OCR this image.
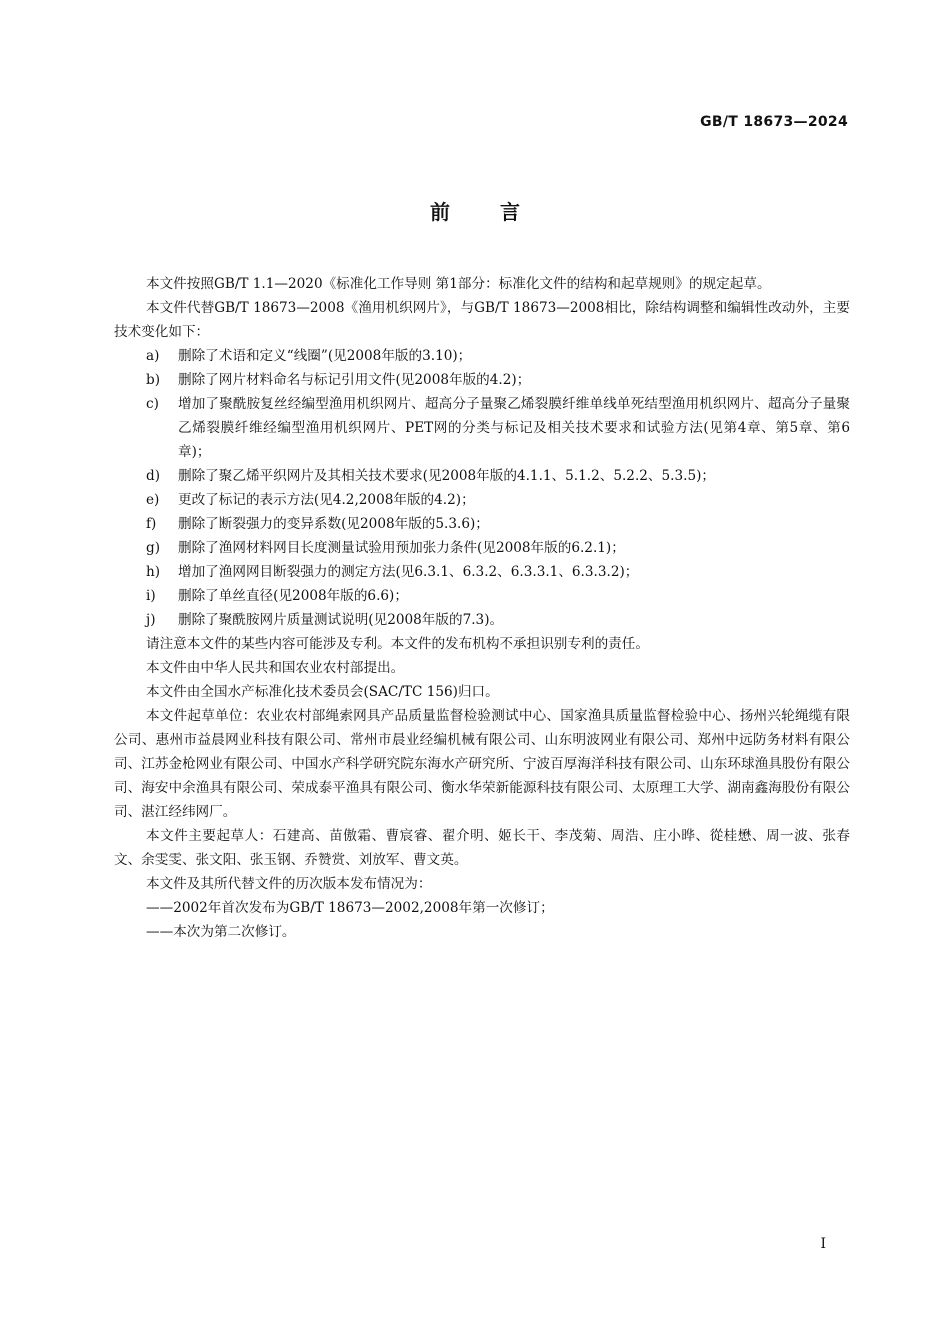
GB/T 18673—2024
前言

本文件按照GB/T 1.1—2020《标准化工作导则 第1部分：标准化文件的结构和起草规则》的规定起草。

本文件代替GB/T 18673—2008《渔用机织网片》，与GB/T 18673—2008相比，除结构调整和编辑性改动外，主要技术变化如下：

a) 删除了术语和定义“线圈”(见2008年版的3.10)；

b) 删除了网片材料命名与标记引用文件(见2008年版的4.2)；

c) 增加了聚酰胺复丝经编型渔用机织网片、超高分子量聚乙烯裂膜纤维单线单死结型渔用机织网片、超高分子量聚乙烯裂膜纤维经编型渔用机织网片、PET网的分类与标记及相关技术要求和试验方法(见第4章、第5章、第6章)；

d) 删除了聚乙烯平织网片及其相关技术要求(见2008年版的4.1.1、5.1.2、5.2.2、5.3.5)；

e) 更改了标记的表示方法(见4.2,2008年版的4.2)；

f) 删除了断裂强力的变异系数(见2008年版的5.3.6)；

g) 删除了渔网材料网目长度测量试验用预加张力条件(见2008年版的6.2.1)；

h) 增加了渔网网目断裂强力的测定方法(见6.3.1、6.3.2、6.3.3.1、6.3.3.2)；

i) 删除了单丝直径(见2008年版的6.6)；

j) 删除了聚酰胺网片质量测试说明(见2008年版的7.3)。

请注意本文件的某些内容可能涉及专利。本文件的发布机构不承担识别专利的责任。

本文件由中华人民共和国农业农村部提出。

本文件由全国水产标准化技术委员会(SAC/TC 156)归口。

本文件起草单位：农业农村部绳索网具产品质量监督检验测试中心、国家渔具质量监督检验中心、扬州兴轮绳缆有限公司、惠州市益晨网业科技有限公司、常州市晨业经编机械有限公司、山东明波网业有限公司、郑州中远防务材料有限公司、江苏金枪网业有限公司、中国水产科学研究院东海水产研究所、宁波百厚海洋科技有限公司、山东环球渔具股份有限公司、海安中余渔具有限公司、荣成泰平渔具有限公司、衡水华荣新能源科技有限公司、太原理工大学、湖南鑫海股份有限公司、湛江经纬网厂。

本文件主要起草人：石建高、苗傲霜、曹宸睿、翟介明、姬长干、李茂菊、周浩、庄小晔、從桂懋、周一波、张春文、余雯雯、张文阳、张玉钢、乔赞赏、刘放军、曹文英。

本文件及其所代替文件的历次版本发布情况为：

——2002年首次发布为GB/T 18673—2002,2008年第一次修订；

——本次为第二次修订。

I
